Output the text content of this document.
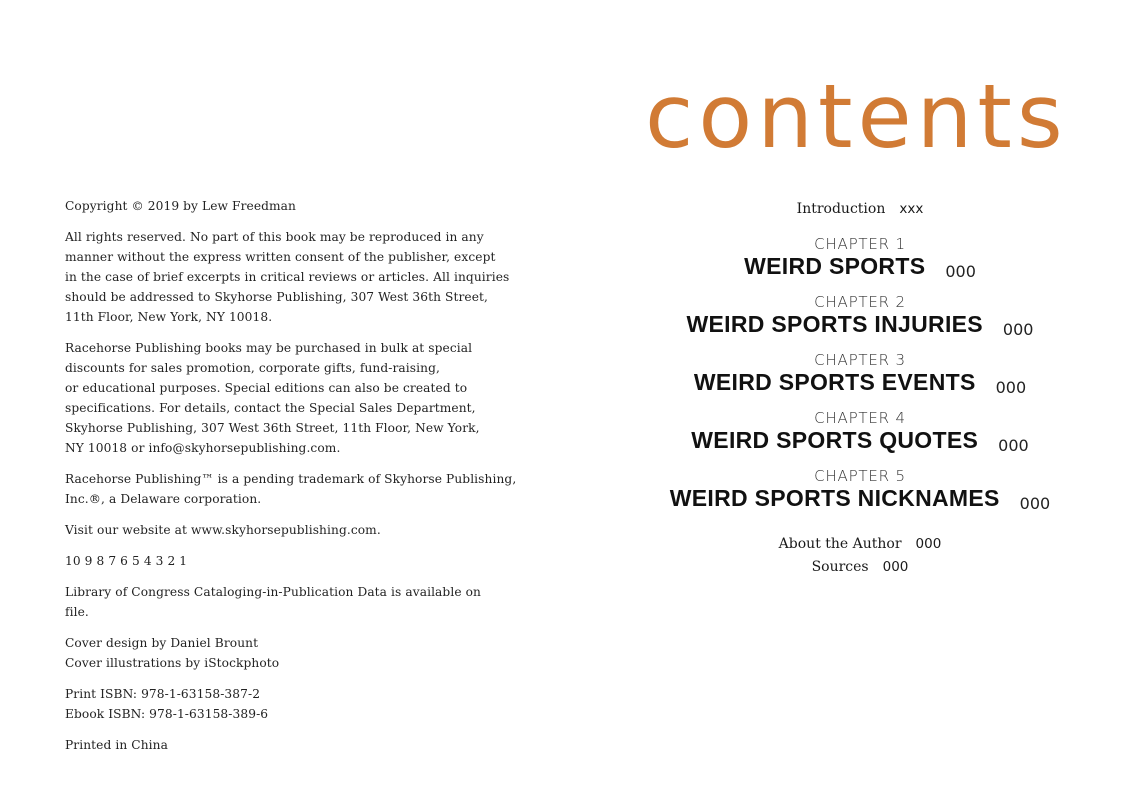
Copyright © 2019 by Lew Freedman

All rights reserved. No part of this book may be reproduced in any
manner without the express written consent of the publisher, except
in the case of brief excerpts in critical reviews or articles. All inquiries
should be addressed to Skyhorse Publishing, 307 West 36th Street,
11th Floor, New York, NY 10018.

Racehorse Publishing books may be purchased in bulk at special
discounts for sales promotion, corporate gifts, fund-raising,
or educational purposes. Special editions can also be created to
specifications. For details, contact the Special Sales Department,
Skyhorse Publishing, 307 West 36th Street, 11th Floor, New York,
NY 10018 or info@skyhorsepublishing.com.

Racehorse Publishing™ is a pending trademark of Skyhorse Publishing,
Inc.®, a Delaware corporation.

Visit our website at www.skyhorsepublishing.com.

10 9 8 7 6 5 4 3 2 1

Library of Congress Cataloging-in-Publication Data is available on file.

Cover design by Daniel Brount
Cover illustrations by iStockphoto

Print ISBN: 978-1-63158-387-2
Ebook ISBN: 978-1-63158-389-6

Printed in China

contents
Introduction xxx
CHAPTER 1
WEIRD SPORTS 000
CHAPTER 2
WEIRD SPORTS INJURIES 000
CHAPTER 3
WEIRD SPORTS EVENTS 000
CHAPTER 4
WEIRD SPORTS QUOTES 000
CHAPTER 5
WEIRD SPORTS NICKNAMES 000
About the Author 000
Sources 000
